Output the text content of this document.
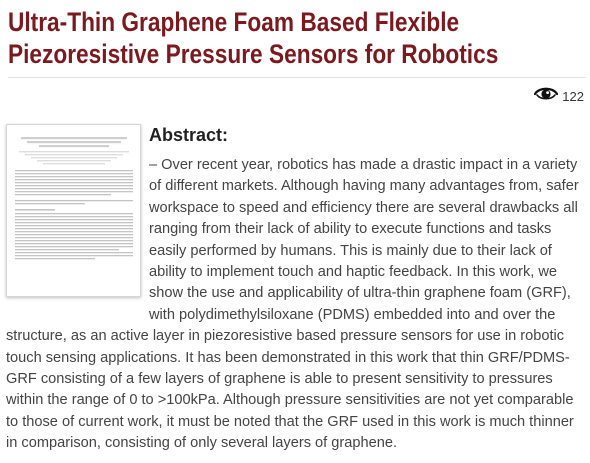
Ultra-Thin Graphene Foam Based Flexible
Piezoresistive Pressure Sensors for Robotics
122
Abstract:

– Over recent year, robotics has made a drastic impact in a variety of different markets. Although having many advantages from, safer workspace to speed and efficiency there are several drawbacks all ranging from their lack of ability to execute functions and tasks easily performed by humans. This is mainly due to their lack of ability to implement touch and haptic feedback. In this work, we show the use and applicability of ultra-thin graphene foam (GRF), with polydimethylsiloxane (PDMS) embedded into and over the structure, as an active layer in piezoresistive based pressure sensors for use in robotic touch sensing applications. It has been demonstrated in this work that thin GRF/PDMS-GRF consisting of a few layers of graphene is able to present sensitivity to pressures within the range of 0 to >100kPa. Although pressure sensitivities are not yet comparable to those of current work, it must be noted that the GRF used in this work is much thinner in comparison, consisting of only several layers of graphene.
